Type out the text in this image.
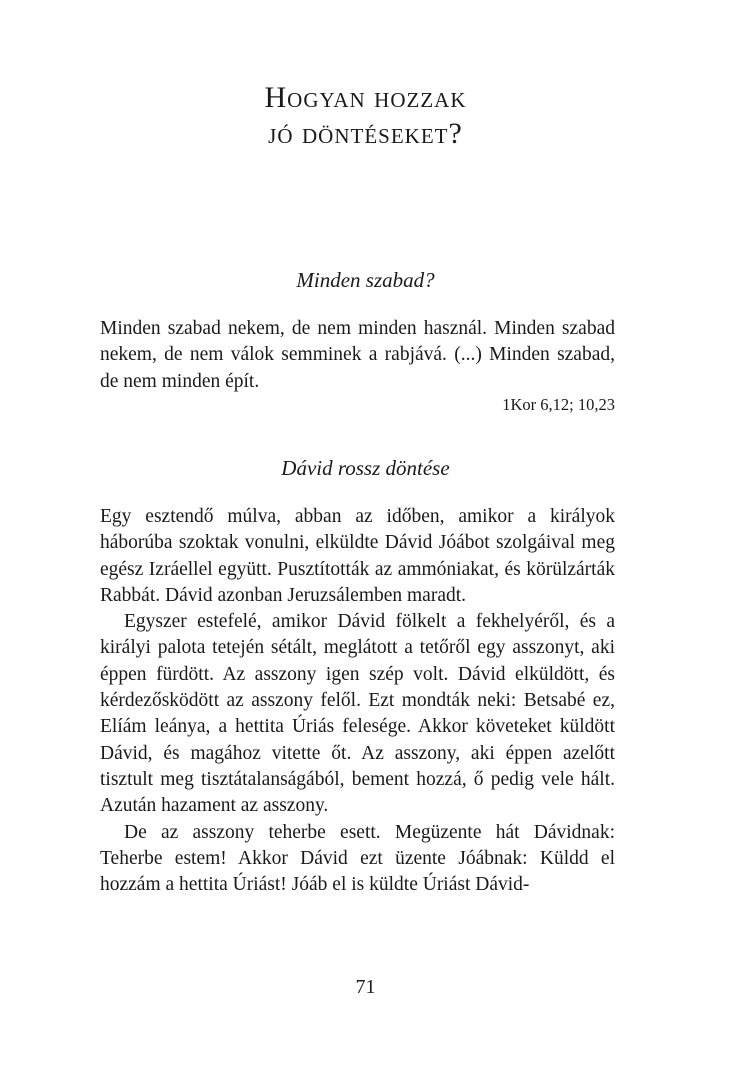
Hogyan hozzak
jó döntéseket?
Minden szabad?

Minden szabad nekem, de nem minden használ. Minden szabad nekem, de nem válok semminek a rabjává. (...) Minden szabad, de nem minden épít.

1Kor 6,12; 10,23
Dávid rossz döntése

Egy esztendő múlva, abban az időben, amikor a királyok háborúba szoktak vonulni, elküldte Dávid Jóábot szolgáival meg egész Izráellel együtt. Pusztították az ammóniakat, és körülzárták Rabbát. Dávid azonban Jeruzsálemben maradt.

Egyszer estefelé, amikor Dávid fölkelt a fekhelyéről, és a királyi palota tetején sétált, meglátott a tetőről egy asszonyt, aki éppen fürdött. Az asszony igen szép volt. Dávid elküldött, és kérdezősködött az asszony felől. Ezt mondták neki: Betsabé ez, Elíám leánya, a hettita Úriás felesége. Akkor követeket küldött Dávid, és magához vitette őt. Az asszony, aki éppen azelőtt tisztult meg tisztátalanságából, bement hozzá, ő pedig vele hált. Azután hazament az asszony.

De az asszony teherbe esett. Megüzente hát Dávidnak: Teherbe estem! Akkor Dávid ezt üzente Jóábnak: Küldd el hozzám a hettita Úriást! Jóáb el is küldte Úriást Dávid-

71
